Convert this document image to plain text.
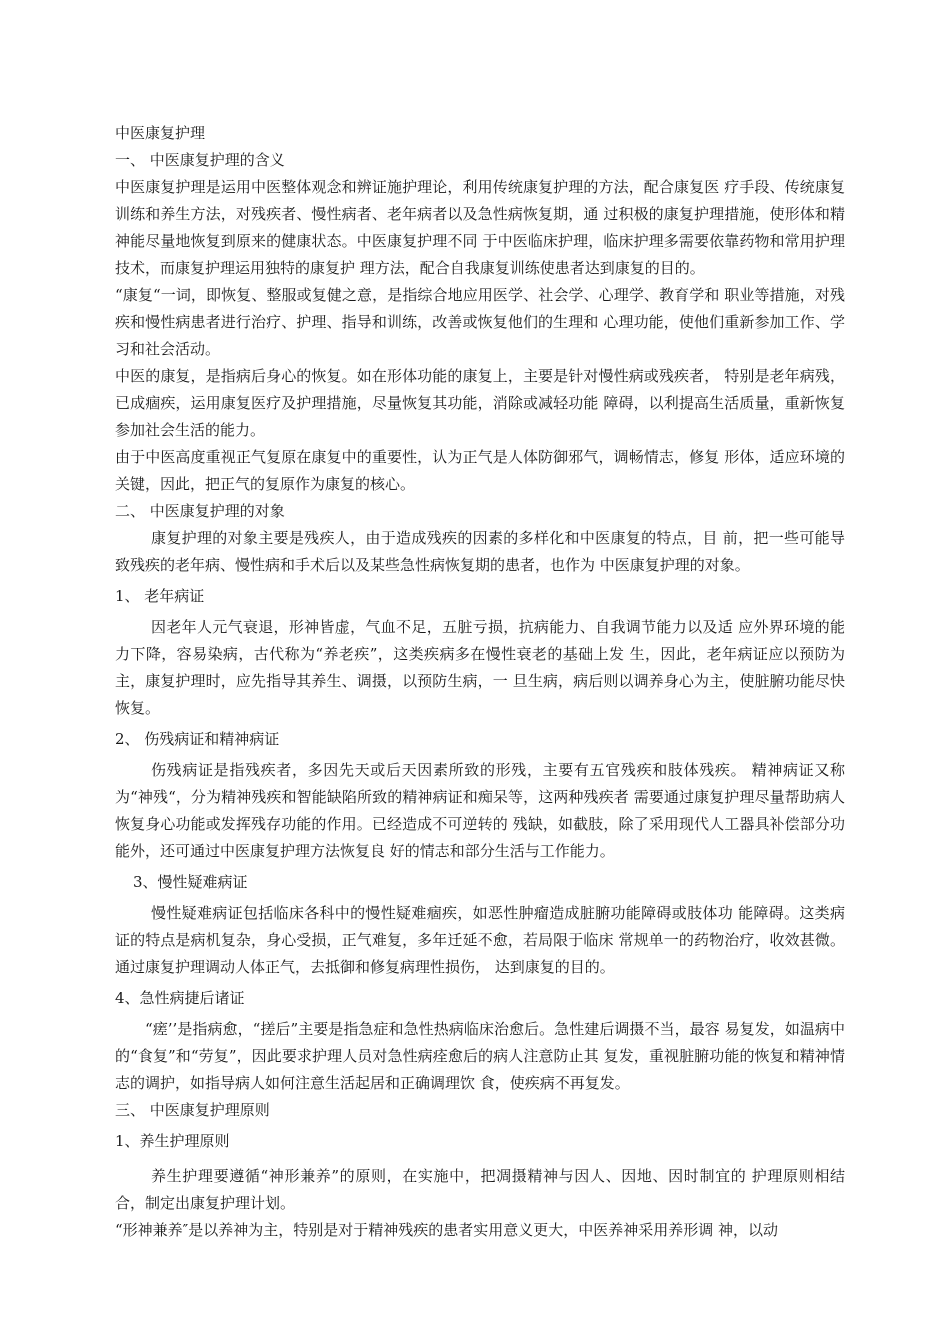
中医康复护理

一、 中医康复护理的含义

中医康复护理是运用中医整体观念和辨证施护理论，利用传统康复护理的方法，配合康复医 疗手段、传统康复训练和养生方法，对残疾者、慢性病者、老年病者以及急性病恢复期，通 过积极的康复护理措施，使形体和精神能尽量地恢复到原来的健康状态。中医康复护理不同 于中医临床护理，临床护理多需要依靠药物和常用护理技术，而康复护理运用独特的康复护 理方法，配合自我康复训练使患者达到康复的目的。

“康复“一词，即恢复、整服或复健之意，是指综合地应用医学、社会学、心理学、教育学和 职业等措施，对残疾和慢性病患者进行治疗、护理、指导和训练，改善或恢复他们的生理和 心理功能，使他们重新参加工作、学习和社会活动。

中医的康复，是指病后身心的恢复。如在形体功能的康复上，主要是针对慢性病或残疾者， 特别是老年病残，已成痼疾，运用康复医疗及护理措施，尽量恢复其功能，消除或减轻功能 障碍，以利提高生活质量，重新恢复参加社会生活的能力。

由于中医高度重视正气复原在康复中的重要性，认为正气是人体防御邪气，调畅情志，修复 形体，适应环境的关键，因此，把正气的复原作为康复的核心。

二、 中医康复护理的对象

康复护理的对象主要是残疾人，由于造成残疾的因素的多样化和中医康复的特点，目 前，把一些可能导致残疾的老年病、慢性病和手术后以及某些急性病恢复期的患者，也作为 中医康复护理的对象。

1、 老年病证

因老年人元气衰退，形神皆虚，气血不足，五脏亏损，抗病能力、自我调节能力以及适 应外界环境的能力下降，容易染病，古代称为“养老疾”，这类疾病多在慢性衰老的基础上发 生，因此，老年病证应以预防为主，康复护理时，应先指导其养生、调摄，以预防生病，一 旦生病，病后则以调养身心为主，使脏腑功能尽快恢复。

2、 伤残病证和精神病证

伤残病证是指残疾者，多因先天或后天因素所致的形残，主要有五官残疾和肢体残疾。 精神病证又称为“神残“，分为精神残疾和智能缺陷所致的精神病证和痴呆等，这两种残疾者 需要通过康复护理尽量帮助病人恢复身心功能或发挥残存功能的作用。已经造成不可逆转的 残缺，如截肢，除了采用现代人工器具补偿部分功能外，还可通过中医康复护理方法恢复良 好的情志和部分生活与工作能力。

3、慢性疑难病证

慢性疑难病证包括临床各科中的慢性疑难痼疾，如恶性肿瘤造成脏腑功能障碍或肢体功 能障碍。这类病证的特点是病机复杂，身心受损，正气难复，多年迁延不愈，若局限于临床 常规单一的药物治疗，收效甚微。通过康复护理调动人体正气，去抵御和修复病理性损伤， 达到康复的目的。

4、急性病捷后诸证

“瘥’’是指病愈，“搓后”主要是指急症和急性热病临床治愈后。急性建后调摄不当，最容 易复发，如温病中的“食复”和“劳复”，因此要求护理人员对急性病痊愈后的病人注意防止其 复发，重视脏腑功能的恢复和精神情志的调护，如指导病人如何注意生活起居和正确调理饮 食，使疾病不再复发。

三、 中医康复护理原则

1、养生护理原则

养生护理要遵循“神形兼养”的原则，在实施中，把凋摄精神与因人、因地、因时制宜的 护理原则相结合，制定出康复护理计划。

“形神兼养″是以养神为主，特别是对于精神残疾的患者实用意义更大，中医养神采用养形调 神，以动
